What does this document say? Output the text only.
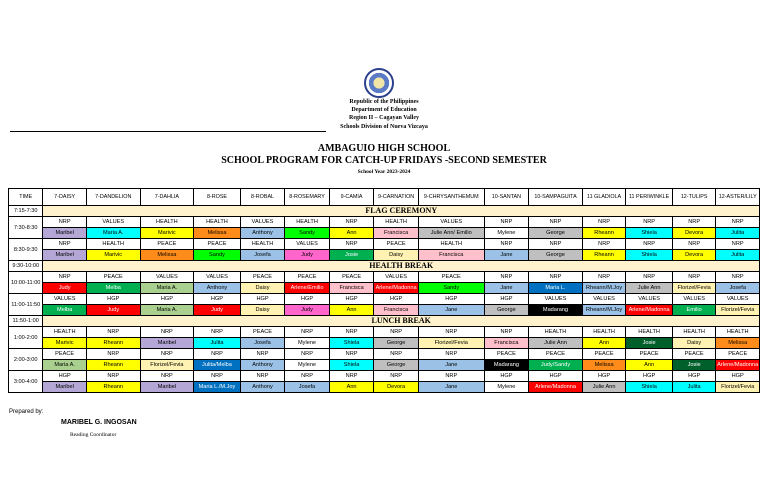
Republic of the Philippines
Department of Education
Region II – Cagayan Valley
Schools Division of Nueva Vizcaya
AMBAGUIO HIGH SCHOOL
SCHOOL PROGRAM FOR CATCH-UP FRIDAYS -SECOND SEMESTER
School Year 2023-2024
TIME	7-DAISY	7-DANDELION	7-DAHLIA	8-ROSE	8-ROBAL	8-ROSEMARY	9-CAMIA	9-CARNATION	9-CHRYSANTHEMUM	10-SANTAN	10-SAMPAGUITA	11 GLADIOLA	11 PERIWINKLE	12-TULIPS	12-ASTER/LILY
7:15-7:30	FLAG CEREMONY														
7:30-8:30	NRP	VALUES	HEALTH	HEALTH	VALUES	HEALTH	NRP	HEALTH	VALUES	NRP	NRP	NRP	NRP	NRP	NRP
	Maribel	Maria A.	Marivic	Melissa	Anthony	Sandy	Ann	Francisca	Julie Ann/ Emilio	Mylene	George	Rheann	Shiela	Devora	Julita
8:30-9:30	NRP	HEALTH	PEACE	PEACE	HEALTH	VALUES	NRP	PEACE	HEALTH	NRP	NRP	NRP	NRP	NRP	NRP
	Maribel	Marivic	Melissa	Sandy	Josefa	Judy	Josie	Daisy	Francisca	Jane	George	Rheann	Shiela	Devora	Julita
9:30-10:00	HEALTH BREAK														
10:00-11:00	NRP	PEACE	VALUES	VALUES	PEACE	PEACE	PEACE	VALUES	PEACE	NRP	NRP	NRP	NRP	NRP	NRP
	Judy	Melba	Maria A.	Anthony	Daisy	Arlene/Emilio	Francisca	Arlene/Madonna	Sandy	Jane	Maria L.	Rheann/M.Joy	Julie Ann	Florizel/Fevia	Josefa
11:00-11:50	VALUES	HGP	HGP	HGP	HGP	HGP	HGP	HGP	HGP	HGP	VALUES	VALUES	VALUES	VALUES	VALUES
	Melba	Judy	Maria A.	Judy	Daisy	Judy	Ann	Francisca	Jane	George	Madarang	Rheann/M.Joy	Arlene/Madonna	Emilio	Florizel/Fevia
11:50-1:00	LUNCH BREAK														
1:00-2:00	HEALTH	NRP	NRP	NRP	PEACE	NRP	NRP	NRP	NRP	NRP	HEALTH	HEALTH	HEALTH	HEALTH	HEALTH
	Marivic	Rheann	Maribel	Julita	Josefa	Mylene	Shiela	George	Florizel/Fevia	Francisca	Julie Ann	Ann	Josie	Daisy	Melissa
2:00-3:00	PEACE	NRP	NRP	NRP	NRP	NRP	NRP	NRP	NRP	PEACE	PEACE	PEACE	PEACE	PEACE	PEACE
	Maria A.	Rheann	Florizel/Fevia	Julita/Melba	Anthony	Mylene	Shiela	George	Jane	Madarang	Judy/Sandy	Melissa	Ann	Josie	Arlene/Madonna
3:00-4:00	HGP	NRP	NRP	NRP	NRP	NRP	NRP	NRP	NRP	HGP	HGP	HGP	HGP	HGP	HGP
	Maribel	Rheann	Maribel	Maria L./M.Joy	Anthony	Josefa	Ann	Devora	Jane	Mylene	Arlene/Madonna	Julie Ann	Shiela	Julita	Florizel/Fevia
Prepared by:
MARIBEL G. INGOSAN
Reading Coordinator
